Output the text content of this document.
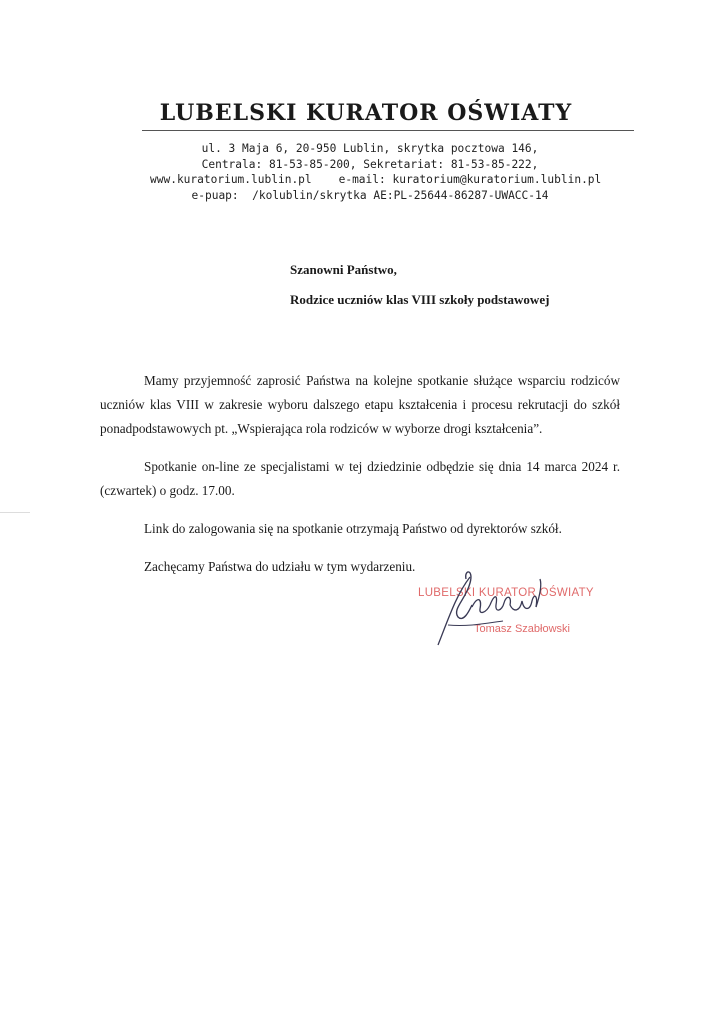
LUBELSKI KURATOR OŚWIATY
ul. 3 Maja 6, 20-950 Lublin, skrytka pocztowa 146,
Centrala: 81-53-85-200, Sekretariat: 81-53-85-222,
www.kuratorium.lublin.pl    e-mail: kuratorium@kuratorium.lublin.pl
e-puap:  /kolublin/skrytka AE:PL-25644-86287-UWACC-14
Szanowni Państwo,
Rodzice uczniów klas VIII szkoły podstawowej

Mamy przyjemność zaprosić Państwa na kolejne spotkanie służące wsparciu rodziców uczniów klas VIII w zakresie wyboru dalszego etapu kształcenia i procesu rekrutacji do szkół ponadpodstawowych pt. „Wspierająca rola rodziców w wyborze drogi kształcenia”.

Spotkanie on-line ze specjalistami w tej dziedzinie odbędzie się dnia 14 marca 2024 r. (czwartek) o godz. 17.00.

Link do zalogowania się na spotkanie otrzymają Państwo od dyrektorów szkół.

Zachęcamy Państwa do udziału w tym wydarzeniu.

LUBELSKI KURATOR OŚWIATY
Tomasz Szabłowski
